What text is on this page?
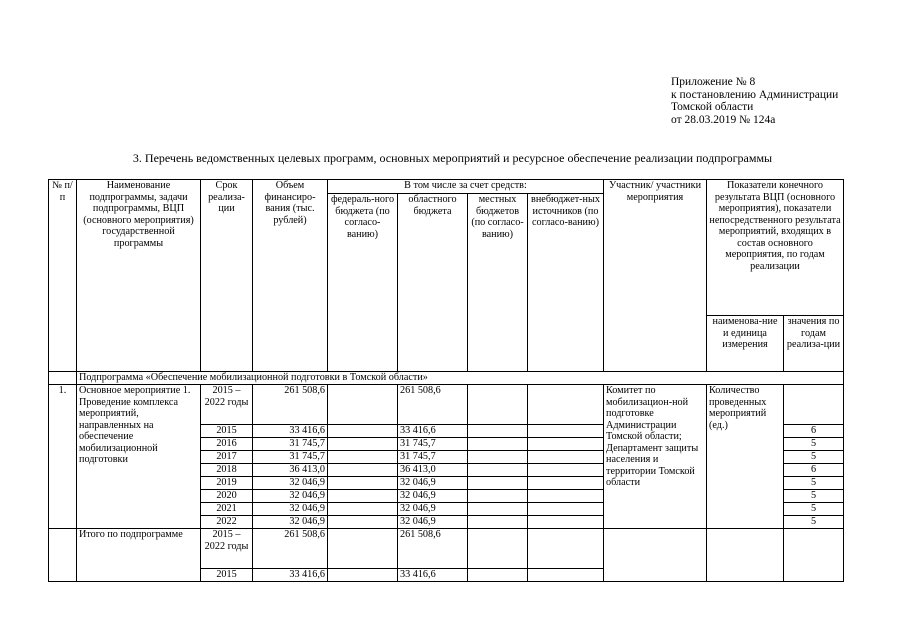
Приложение № 8
к постановлению Администрации
Томской области
от 28.03.2019 № 124а
3. Перечень ведомственных целевых программ, основных мероприятий и ресурсное обеспечение реализации подпрограммы
№ п/п	Наименование подпрограммы, задачи подпрограммы, ВЦП (основного мероприятия) государственной программы	Срок реализа-ции	Объем финансиро-вания (тыс. рублей)	В том числе за счет средств:				Участник/ участники мероприятия	Показатели конечного результата ВЦП (основного мероприятия), показатели непосредственного результата мероприятий, входящих в состав основного мероприятия, по годам реализации	
				федераль-ного бюджета (по согласо-ванию)	областного бюджета	местных бюджетов (по согласо-ванию)	внебюджет-ных источников (по согласо-ванию)			
									наименова-ние и единица измерения	значения по годам реализа-ции
	Подпрограмма «Обеспечение мобилизационной подготовки в Томской области»									
1.	Основное мероприятие 1. Проведение комплекса мероприятий, направленных на обеспечение мобилизационной подготовки	2015 – 2022 годы	261 508,6		261 508,6			Комитет по мобилизацион-ной подготовке Администрации Томской области; Департамент защиты населения и территории Томской области	Количество проведенных мероприятий (ед.)	
		2015	33 416,6		33 416,6					6
		2016	31 745,7		31 745,7					5
		2017	31 745,7		31 745,7					5
		2018	36 413,0		36 413,0					6
		2019	32 046,9		32 046,9					5
		2020	32 046,9		32 046,9					5
		2021	32 046,9		32 046,9					5
		2022	32 046,9		32 046,9					5
	Итого по подпрограмме	2015 – 2022 годы	261 508,6		261 508,6					
		2015	33 416,6		33 416,6					
